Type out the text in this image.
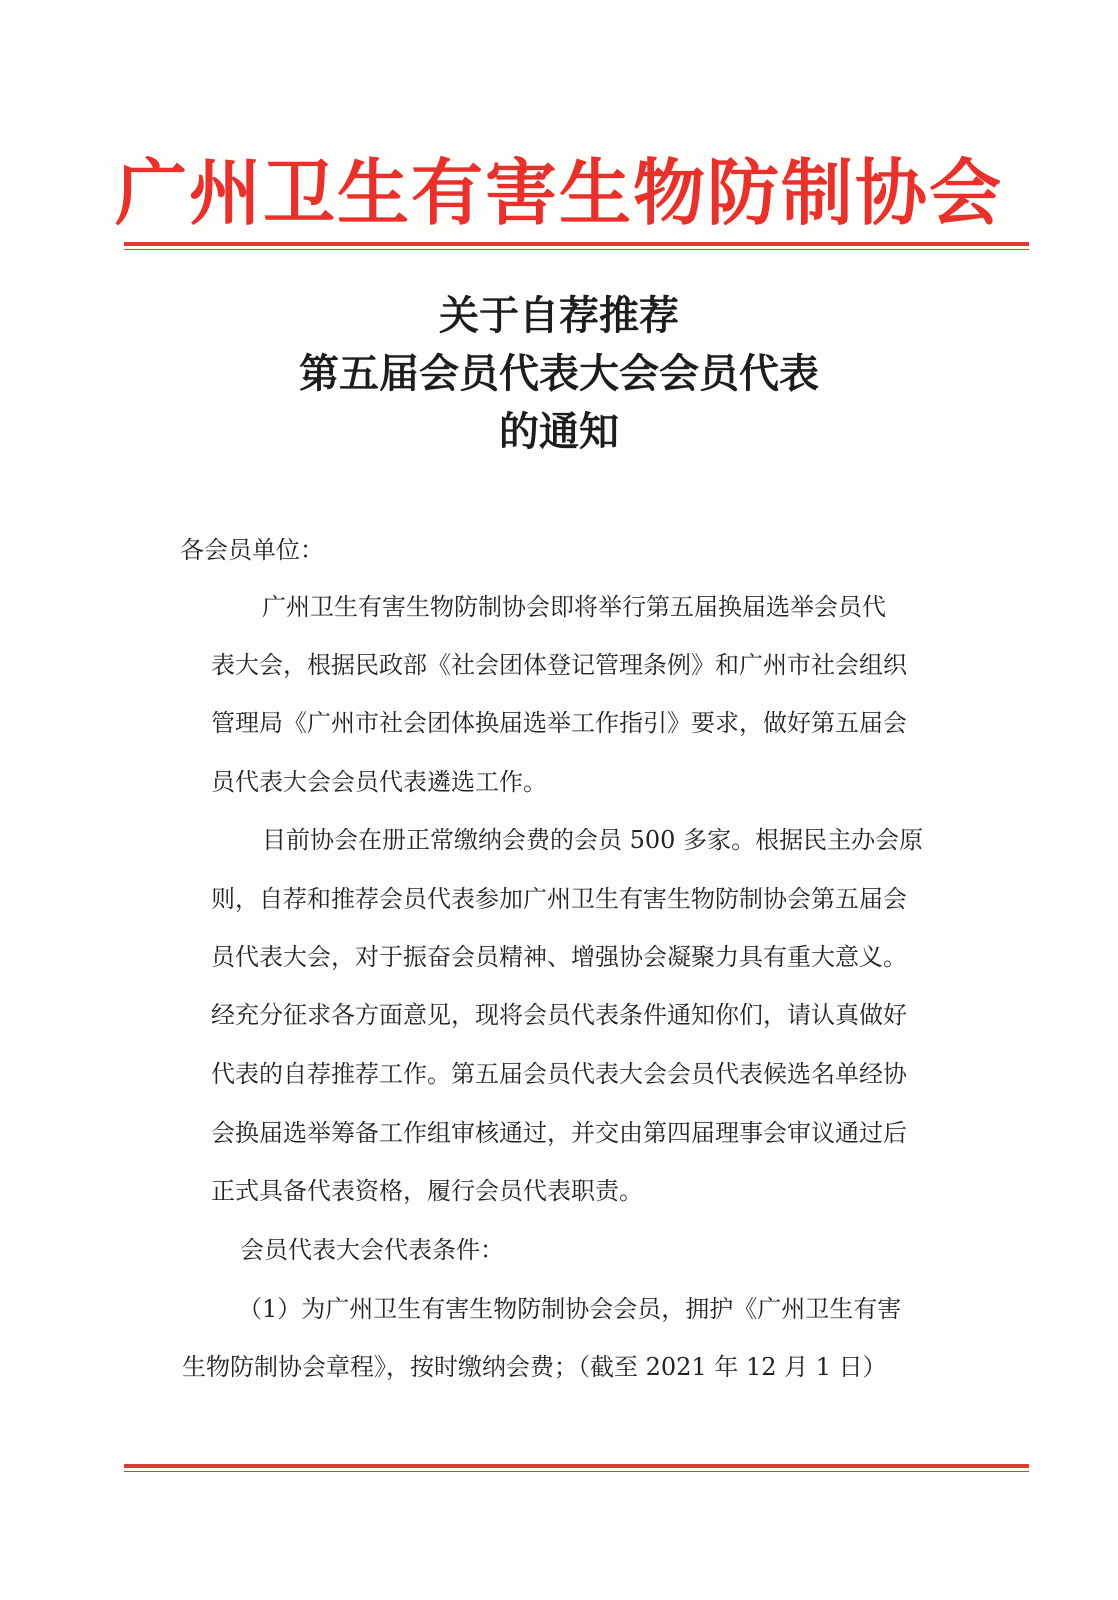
广州卫生有害生物防制协会
关于自荐推荐
第五届会员代表大会会员代表
的通知
各会员单位：
广州卫生有害生物防制协会即将举行第五届换届选举会员代
表大会，根据民政部《社会团体登记管理条例》和广州市社会组织
管理局《广州市社会团体换届选举工作指引》要求，做好第五届会
员代表大会会员代表遴选工作。
目前协会在册正常缴纳会费的会员 500 多家。根据民主办会原
则，自荐和推荐会员代表参加广州卫生有害生物防制协会第五届会
员代表大会，对于振奋会员精神、增强协会凝聚力具有重大意义。
经充分征求各方面意见，现将会员代表条件通知你们，请认真做好
代表的自荐推荐工作。第五届会员代表大会会员代表候选名单经协
会换届选举筹备工作组审核通过，并交由第四届理事会审议通过后
正式具备代表资格，履行会员代表职责。
会员代表大会代表条件：
（1）为广州卫生有害生物防制协会会员，拥护《广州卫生有害
生物防制协会章程》，按时缴纳会费；（截至 2021 年 12 月 1 日）
